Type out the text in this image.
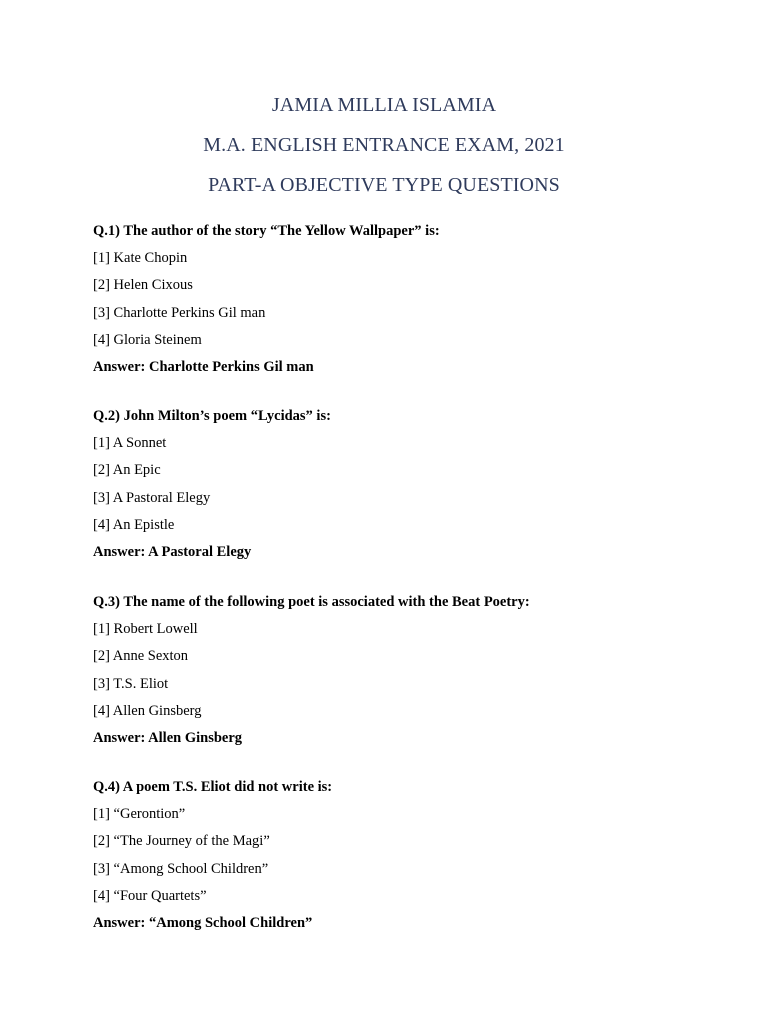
JAMIA MILLIA ISLAMIA
M.A. ENGLISH ENTRANCE EXAM, 2021
PART-A OBJECTIVE TYPE QUESTIONS
Q.1) The author of the story “The Yellow Wallpaper” is:
[1] Kate Chopin
[2] Helen Cixous
[3] Charlotte Perkins Gil man
[4] Gloria Steinem
Answer: Charlotte Perkins Gil man
Q.2) John Milton’s poem “Lycidas” is:
[1] A Sonnet
[2] An Epic
[3] A Pastoral Elegy
[4] An Epistle
Answer: A Pastoral Elegy
Q.3) The name of the following poet is associated with the Beat Poetry:
[1] Robert Lowell
[2] Anne Sexton
[3] T.S. Eliot
[4] Allen Ginsberg
Answer: Allen Ginsberg
Q.4) A poem T.S. Eliot did not write is:
[1] “Gerontion”
[2] “The Journey of the Magi”
[3] “Among School Children”
[4] “Four Quartets”
Answer: “Among School Children”
